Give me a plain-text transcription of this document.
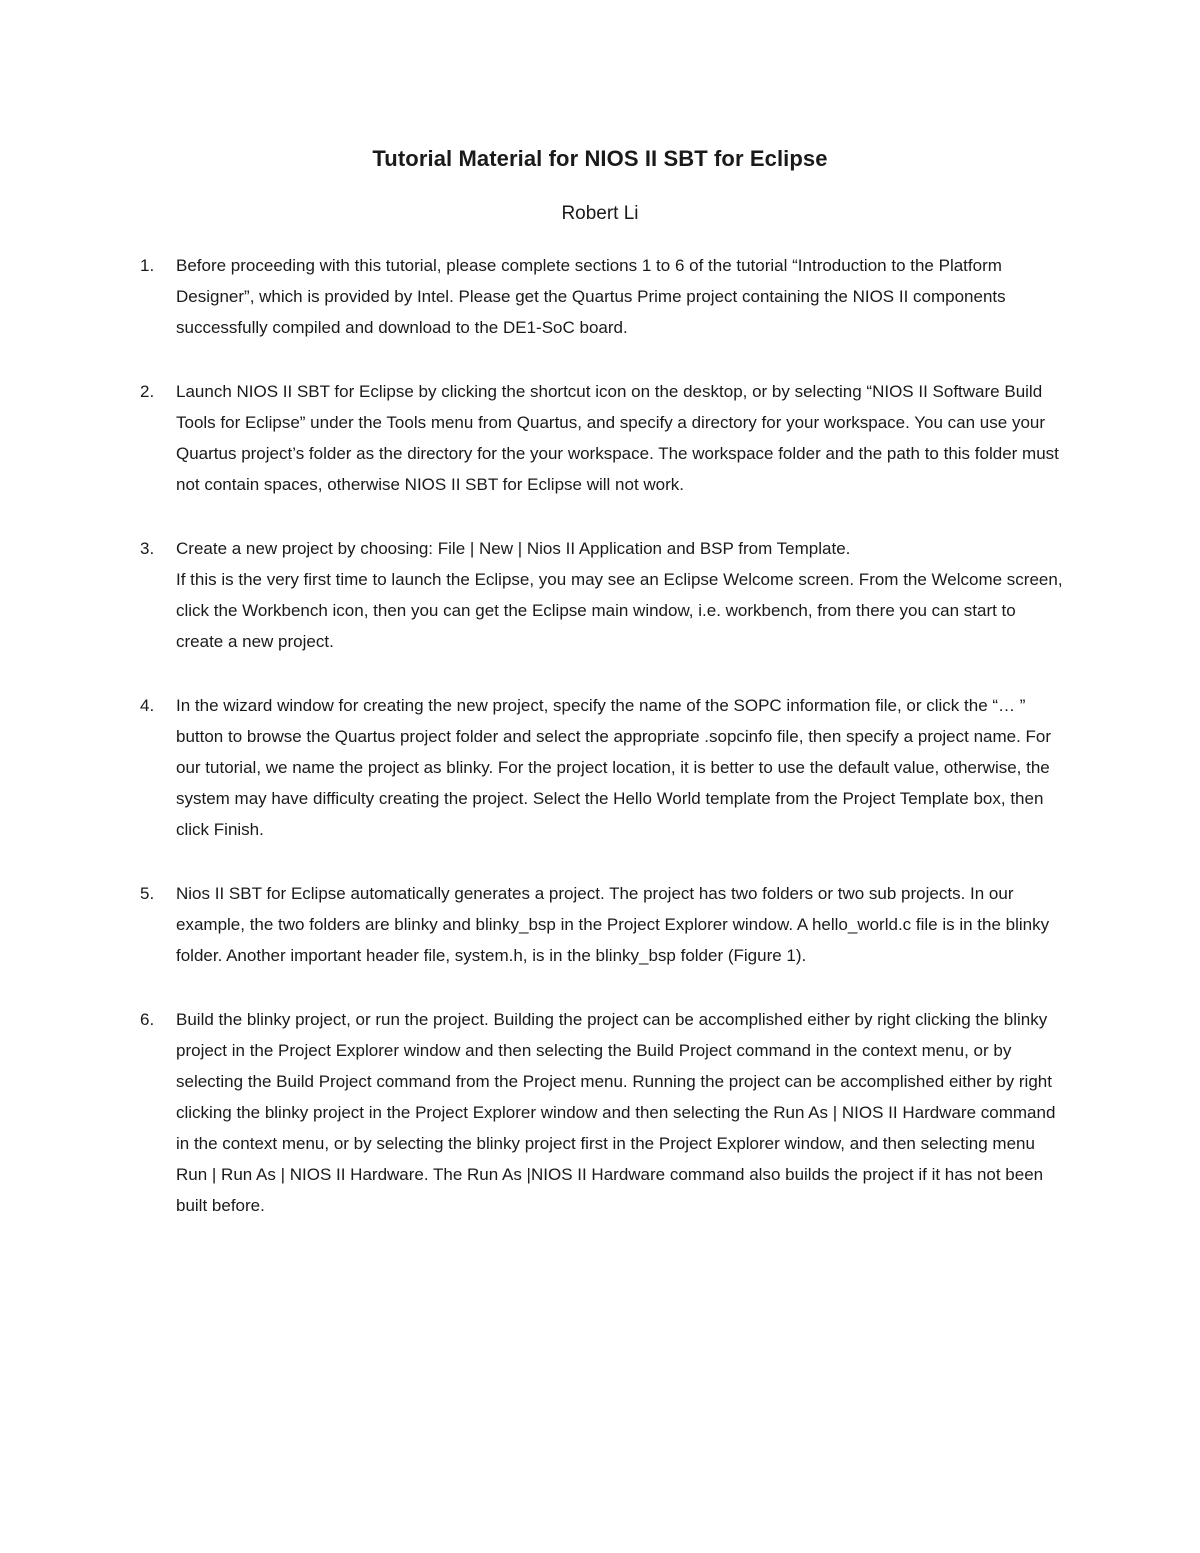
Tutorial Material for NIOS II SBT for Eclipse
Robert Li
1.	Before proceeding with this tutorial, please complete sections 1 to 6 of the tutorial “Introduction to the Platform Designer”, which is provided by Intel. Please get the Quartus Prime project containing the NIOS II components successfully compiled and download to the DE1-SoC board.
2.	Launch NIOS II SBT for Eclipse by clicking the shortcut icon on the desktop, or by selecting “NIOS II Software Build Tools for Eclipse” under the Tools menu from Quartus, and specify a directory for your workspace. You can use your Quartus project’s folder as the directory for the your workspace. The workspace folder and the path to this folder must not contain spaces, otherwise NIOS II SBT for Eclipse will not work.
3.	Create a new project by choosing: File | New | Nios II Application and BSP from Template.
If this is the very first time to launch the Eclipse, you may see an Eclipse Welcome screen. From the Welcome screen, click the Workbench icon, then you can get the Eclipse main window, i.e. workbench, from there you can start to create a new project.
4.	In the wizard window for creating the new project, specify the name of the SOPC information file, or click the “… ” button to browse the Quartus project folder and select the appropriate .sopcinfo file, then specify a project name. For our tutorial, we name the project as blinky. For the project location, it is better to use the default value, otherwise, the system may have difficulty creating the project. Select the Hello World template from the Project Template box, then click Finish.
5.	Nios II SBT for Eclipse automatically generates a project. The project has two folders or two sub projects. In our example, the two folders are blinky and blinky_bsp in the Project Explorer window. A hello_world.c file is in the blinky folder. Another important header file, system.h, is in the blinky_bsp folder (Figure 1).
6.	Build the blinky project, or run the project. Building the project can be accomplished either by right clicking the blinky project in the Project Explorer window and then selecting the Build Project command in the context menu, or by selecting the Build Project command from the Project menu. Running the project can be accomplished either by right clicking the blinky project in the Project Explorer window and then selecting the Run As | NIOS II Hardware command in the context menu, or by selecting the blinky project first in the Project Explorer window, and then selecting menu Run | Run As | NIOS II Hardware. The Run As |NIOS II Hardware command also builds the project if it has not been built before.
